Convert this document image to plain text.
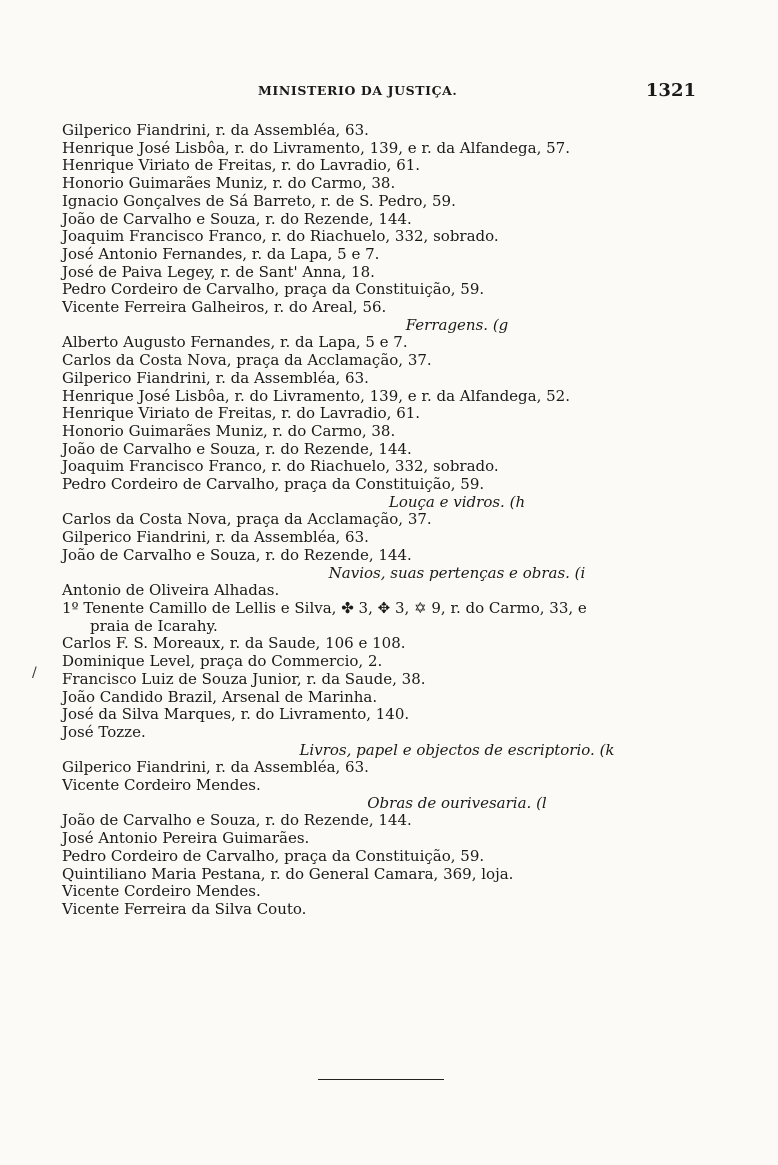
MINISTERIO DA JUSTIÇA.	1321
/
Gilperico Fiandrini, r. da Assembléa, 63.
Henrique José Lisbôa, r. do Livramento, 139, e r. da Alfandega, 57.
Henrique Viriato de Freitas, r. do Lavradio, 61.
Honorio Guimarães Muniz, r. do Carmo, 38.
Ignacio Gonçalves de Sá Barreto, r. de S. Pedro, 59.
João de Carvalho e Souza, r. do Rezende, 144.
Joaquim Francisco Franco, r. do Riachuelo, 332, sobrado.
José Antonio Fernandes, r. da Lapa, 5 e 7.
José de Paiva Legey, r. de Sant' Anna, 18.
Pedro Cordeiro de Carvalho, praça da Constituição, 59.
Vicente Ferreira Galheiros, r. do Areal, 56.
Ferragens. (g
Alberto Augusto Fernandes, r. da Lapa, 5 e 7.
Carlos da Costa Nova, praça da Acclamação, 37.
Gilperico Fiandrini, r. da Assembléa, 63.
Henrique José Lisbôa, r. do Livramento, 139, e r. da Alfandega, 52.
Henrique Viriato de Freitas, r. do Lavradio, 61.
Honorio Guimarães Muniz, r. do Carmo, 38.
João de Carvalho e Souza, r. do Rezende, 144.
Joaquim Francisco Franco, r. do Riachuelo, 332, sobrado.
Pedro Cordeiro de Carvalho, praça da Constituição, 59.
Louça e vidros. (h
Carlos da Costa Nova, praça da Acclamação, 37.
Gilperico Fiandrini, r. da Assembléa, 63.
João de Carvalho e Souza, r. do Rezende, 144.
Navios, suas pertenças e obras. (i
Antonio de Oliveira Alhadas.
1º Tenente Camillo de Lellis e Silva, ✤ 3, ✥ 3, ✡ 9, r. do Carmo, 33, e
praia de Icarahy.
Carlos F. S. Moreaux, r. da Saude, 106 e 108.
Dominique Level, praça do Commercio, 2.
Francisco Luiz de Souza Junior, r. da Saude, 38.
João Candido Brazil, Arsenal de Marinha.
José da Silva Marques, r. do Livramento, 140.
José Tozze.
Livros, papel e objectos de escriptorio. (k
Gilperico Fiandrini, r. da Assembléa, 63.
Vicente Cordeiro Mendes.
Obras de ourivesaria. (l
João de Carvalho e Souza, r. do Rezende, 144.
José Antonio Pereira Guimarães.
Pedro Cordeiro de Carvalho, praça da Constituição, 59.
Quintiliano Maria Pestana, r. do General Camara, 369, loja.
Vicente Cordeiro Mendes.
Vicente Ferreira da Silva Couto.
